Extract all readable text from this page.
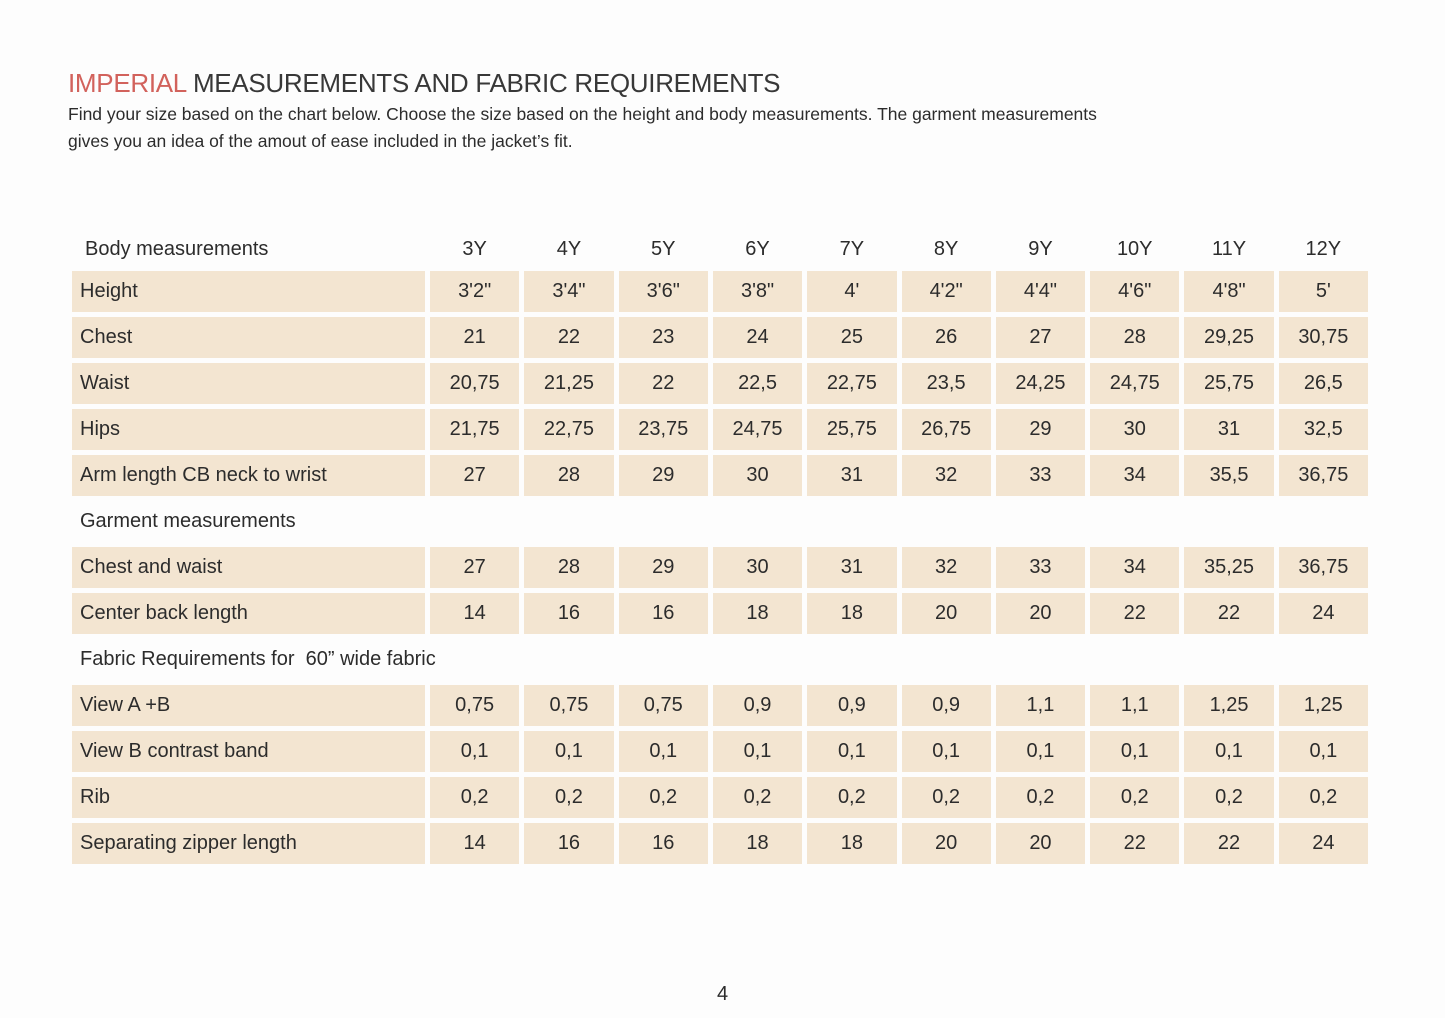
IMPERIAL MEASUREMENTS AND FABRIC REQUIREMENTS

Find your size based on the chart below. Choose the size based on the height and body measurements. The garment measurements
gives you an idea of the amout of ease included in the jacket’s fit.

Body measurements	3Y	4Y	5Y	6Y	7Y	8Y	9Y	10Y	11Y	12Y
Height	3'2"	3'4"	3'6"	3'8"	4'	4'2"	4'4"	4'6"	4'8"	5'
Chest	21	22	23	24	25	26	27	28	29,25	30,75
Waist	20,75	21,25	22	22,5	22,75	23,5	24,25	24,75	25,75	26,5
Hips	21,75	22,75	23,75	24,75	25,75	26,75	29	30	31	32,5
Arm length CB neck to wrist	27	28	29	30	31	32	33	34	35,5	36,75
Garment measurements
Chest and waist	27	28	29	30	31	32	33	34	35,25	36,75
Center back length	14	16	16	18	18	20	20	22	22	24
Fabric Requirements for  60” wide fabric
View A +B	0,75	0,75	0,75	0,9	0,9	0,9	1,1	1,1	1,25	1,25
View B contrast band	0,1	0,1	0,1	0,1	0,1	0,1	0,1	0,1	0,1	0,1
Rib	0,2	0,2	0,2	0,2	0,2	0,2	0,2	0,2	0,2	0,2
Separating zipper length	14	16	16	18	18	20	20	22	22	24
4
